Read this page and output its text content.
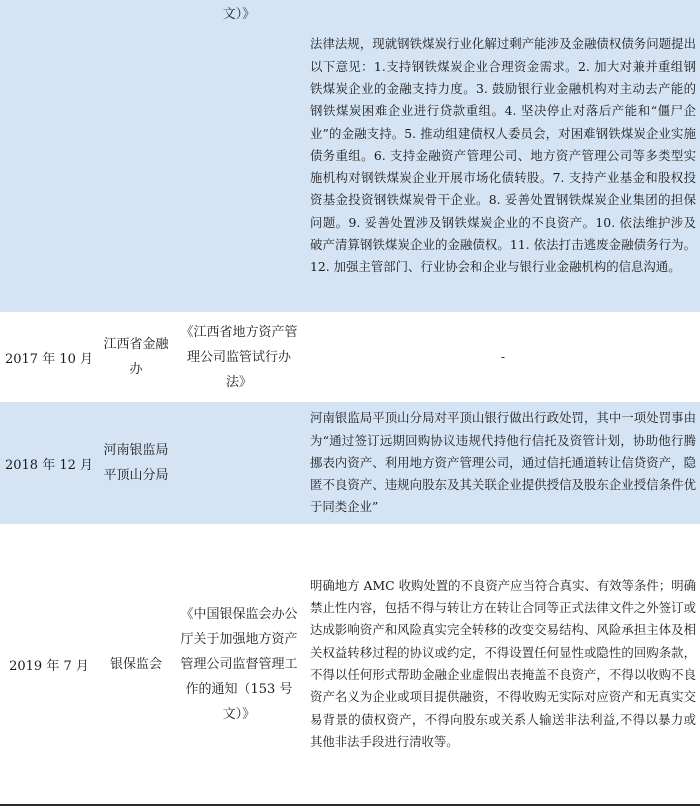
文）》
法律法规，现就钢铁煤炭行业化解过剩产能涉及金融债权债务问题提出以下意见：1.支持钢铁煤炭企业合理资金需求。2. 加大对兼并重组钢铁煤炭企业的金融支持力度。3. 鼓励银行业金融机构对主动去产能的钢铁煤炭困难企业进行贷款重组。4. 坚决停止对落后产能和“僵尸企业”的金融支持。5. 推动组建债权人委员会，对困难钢铁煤炭企业实施债务重组。6. 支持金融资产管理公司、地方资产管理公司等多类型实施机构对钢铁煤炭企业开展市场化债转股。7. 支持产业基金和股权投资基金投资钢铁煤炭骨干企业。8. 妥善处置钢铁煤炭企业集团的担保问题。9. 妥善处置涉及钢铁煤炭企业的不良资产。10. 依法维护涉及破产清算钢铁煤炭企业的金融债权。11. 依法打击逃废金融债务行为。12. 加强主管部门、行业协会和企业与银行业金融机构的信息沟通。
2017 年 10 月
江西省金融办
《江西省地方资产管理公司监管试行办法》
-
2018 年 12 月
河南银监局平顶山分局
河南银监局平顶山分局对平顶山银行做出行政处罚，其中一项处罚事由为“通过签订远期回购协议违规代持他行信托及资管计划，协助他行腾挪表内资产、利用地方资产管理公司，通过信托通道转让信贷资产，隐匿不良资产、违规向股东及其关联企业提供授信及股东企业授信条件优于同类企业”
2019 年 7 月	银保监会
《中国银保监会办公厅关于加强地方资产 管理公司监督管理工 作的通知（153 号文）》
明确地方 AMC 收购处置的不良资产应当符合真实、有效等条件；明确禁止性内容，包括不得与转让方在转让合同等正式法律文件之外签订或达成影响资产和风险真实完全转移的改变交易结构、风险承担主体及相关权益转移过程的协议或约定，不得设置任何显性或隐性的回购条款，不得以任何形式帮助金融企业虚假出表掩盖不良资产，不得以收购不良资产名义为企业或项目提供融资，不得收购无实际对应资产和无真实交易背景的债权资产，不得向股东或关系人输送非法利益,不得以暴力或其他非法手段进行清收等。
